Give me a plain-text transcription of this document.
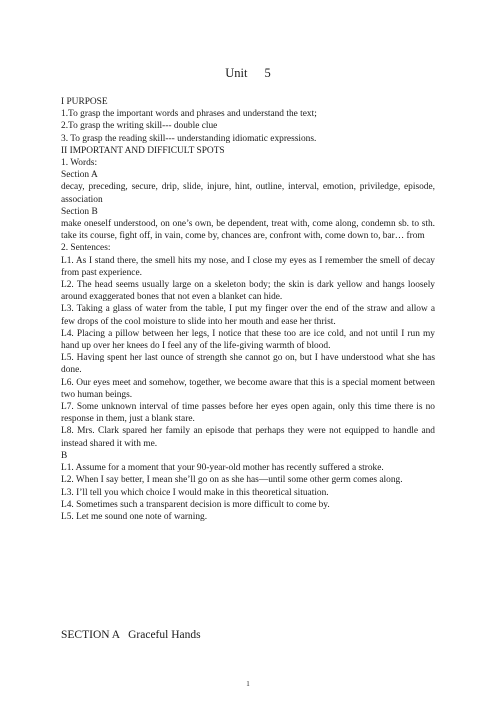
Unit 5

I PURPOSE

1.To grasp the important words and phrases and understand the text;

2.To grasp the writing skill--- double clue

3. To grasp the reading skill--- understanding idiomatic expressions.

II IMPORTANT AND DIFFICULT SPOTS

1. Words:

Section A

decay, preceding, secure, drip, slide, injure, hint, outline, interval, emotion, priviledge, episode, association

Section B

make oneself understood, on one’s own, be dependent, treat with, come along, condemn sb. to sth. take its course, fight off, in vain, come by, chances are, confront with, come down to, bar… from

2. Sentences:

L1. As I stand there, the smell hits my nose, and I close my eyes as I remember the smell of decay from past experience.

L2. The head seems usually large on a skeleton body; the skin is dark yellow and hangs loosely around exaggerated bones that not even a blanket can hide.

L3. Taking a glass of water from the table, I put my finger over the end of the straw and allow a few drops of the cool moisture to slide into her mouth and ease her thrist.

L4. Placing a pillow between her legs, I notice that these too are ice cold, and not until I run my hand up over her knees do I feel any of the life-giving warmth of blood.

L5. Having spent her last ounce of strength she cannot go on, but I have understood what she has done.

L6. Our eyes meet and somehow, together, we become aware that this is a special moment between two human beings.

L7. Some unknown interval of time passes before her eyes open again, only this time there is no response in them, just a blank stare.

L8. Mrs. Clark spared her family an episode that perhaps they were not equipped to handle and instead shared it with me.

B

L1. Assume for a moment that your 90-year-old mother has recently suffered a stroke.

L2. When I say better, I mean she’ll go on as she has—until some other germ comes along.

L3. I’ll tell you which choice I would make in this theoretical situation.

L4. Sometimes such a transparent decision is more difficult to come by.

L5. Let me sound one note of warning.

SECTION A Graceful Hands
1
